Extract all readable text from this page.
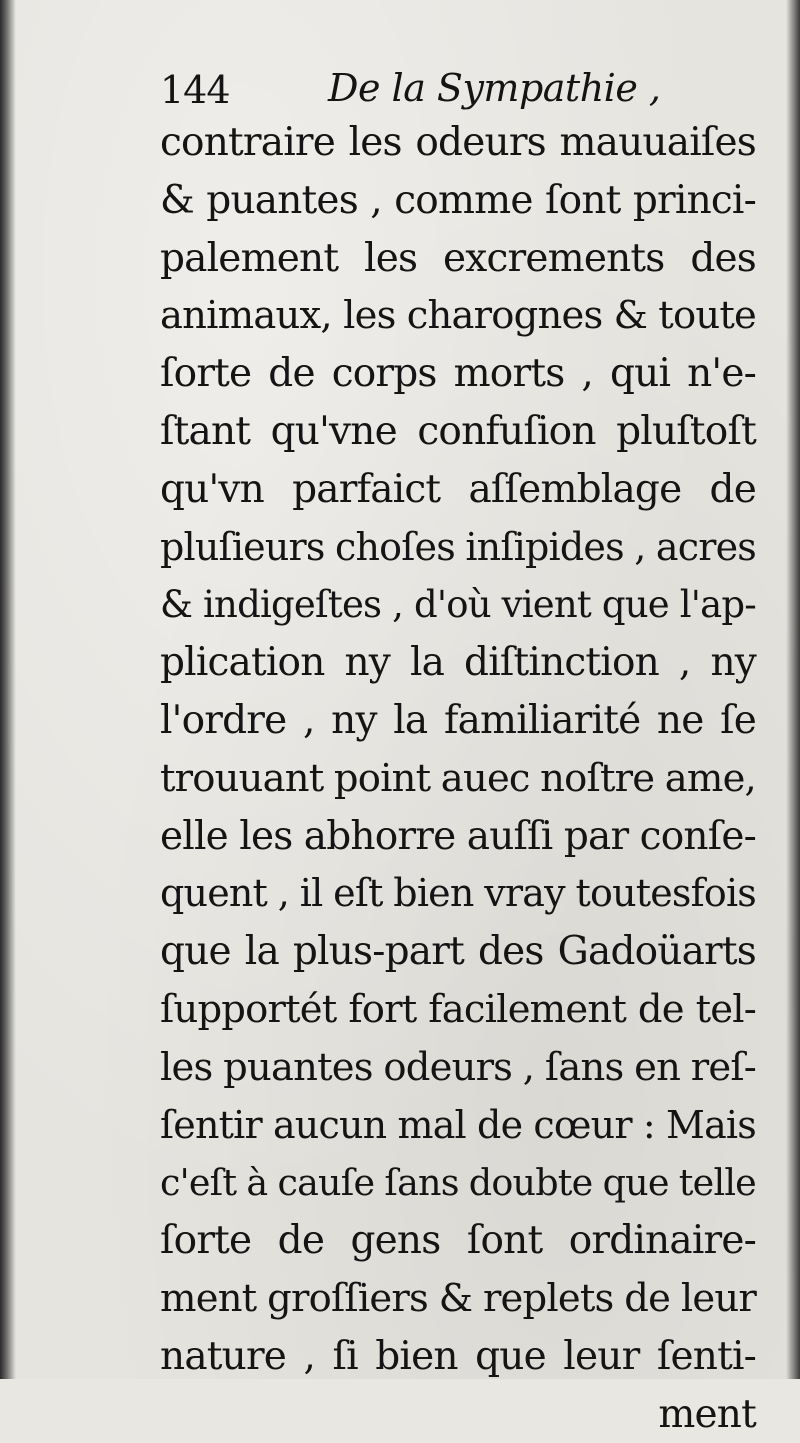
144	De la Sympathie ,
contraire les odeurs mauuaiſes
& puantes , comme ſont princi-
palement les excrements des
animaux, les charognes & toute
ſorte de corps morts , qui n'e-
ſtant qu'vne confuſion pluſtoſt
qu'vn parfaict aſſemblage de
pluſieurs choſes inſipides , acres
& indigeſtes , d'où vient que l'ap-
plication ny la diſtinction , ny
l'ordre , ny la familiarité ne ſe
trouuant point auec noſtre ame,
elle les abhorre auſſi par conſe-
quent , il eſt bien vray toutesfois
que la plus-part des Gadoüarts
ſupportét fort facilement de tel-
les puantes odeurs , ſans en reſ-
ſentir aucun mal de cœur : Mais
c'eſt à cauſe ſans doubte que telle
ſorte de gens ſont ordinaire-
ment groſſiers & replets de leur
nature , ſi bien que leur ſenti-
ment
